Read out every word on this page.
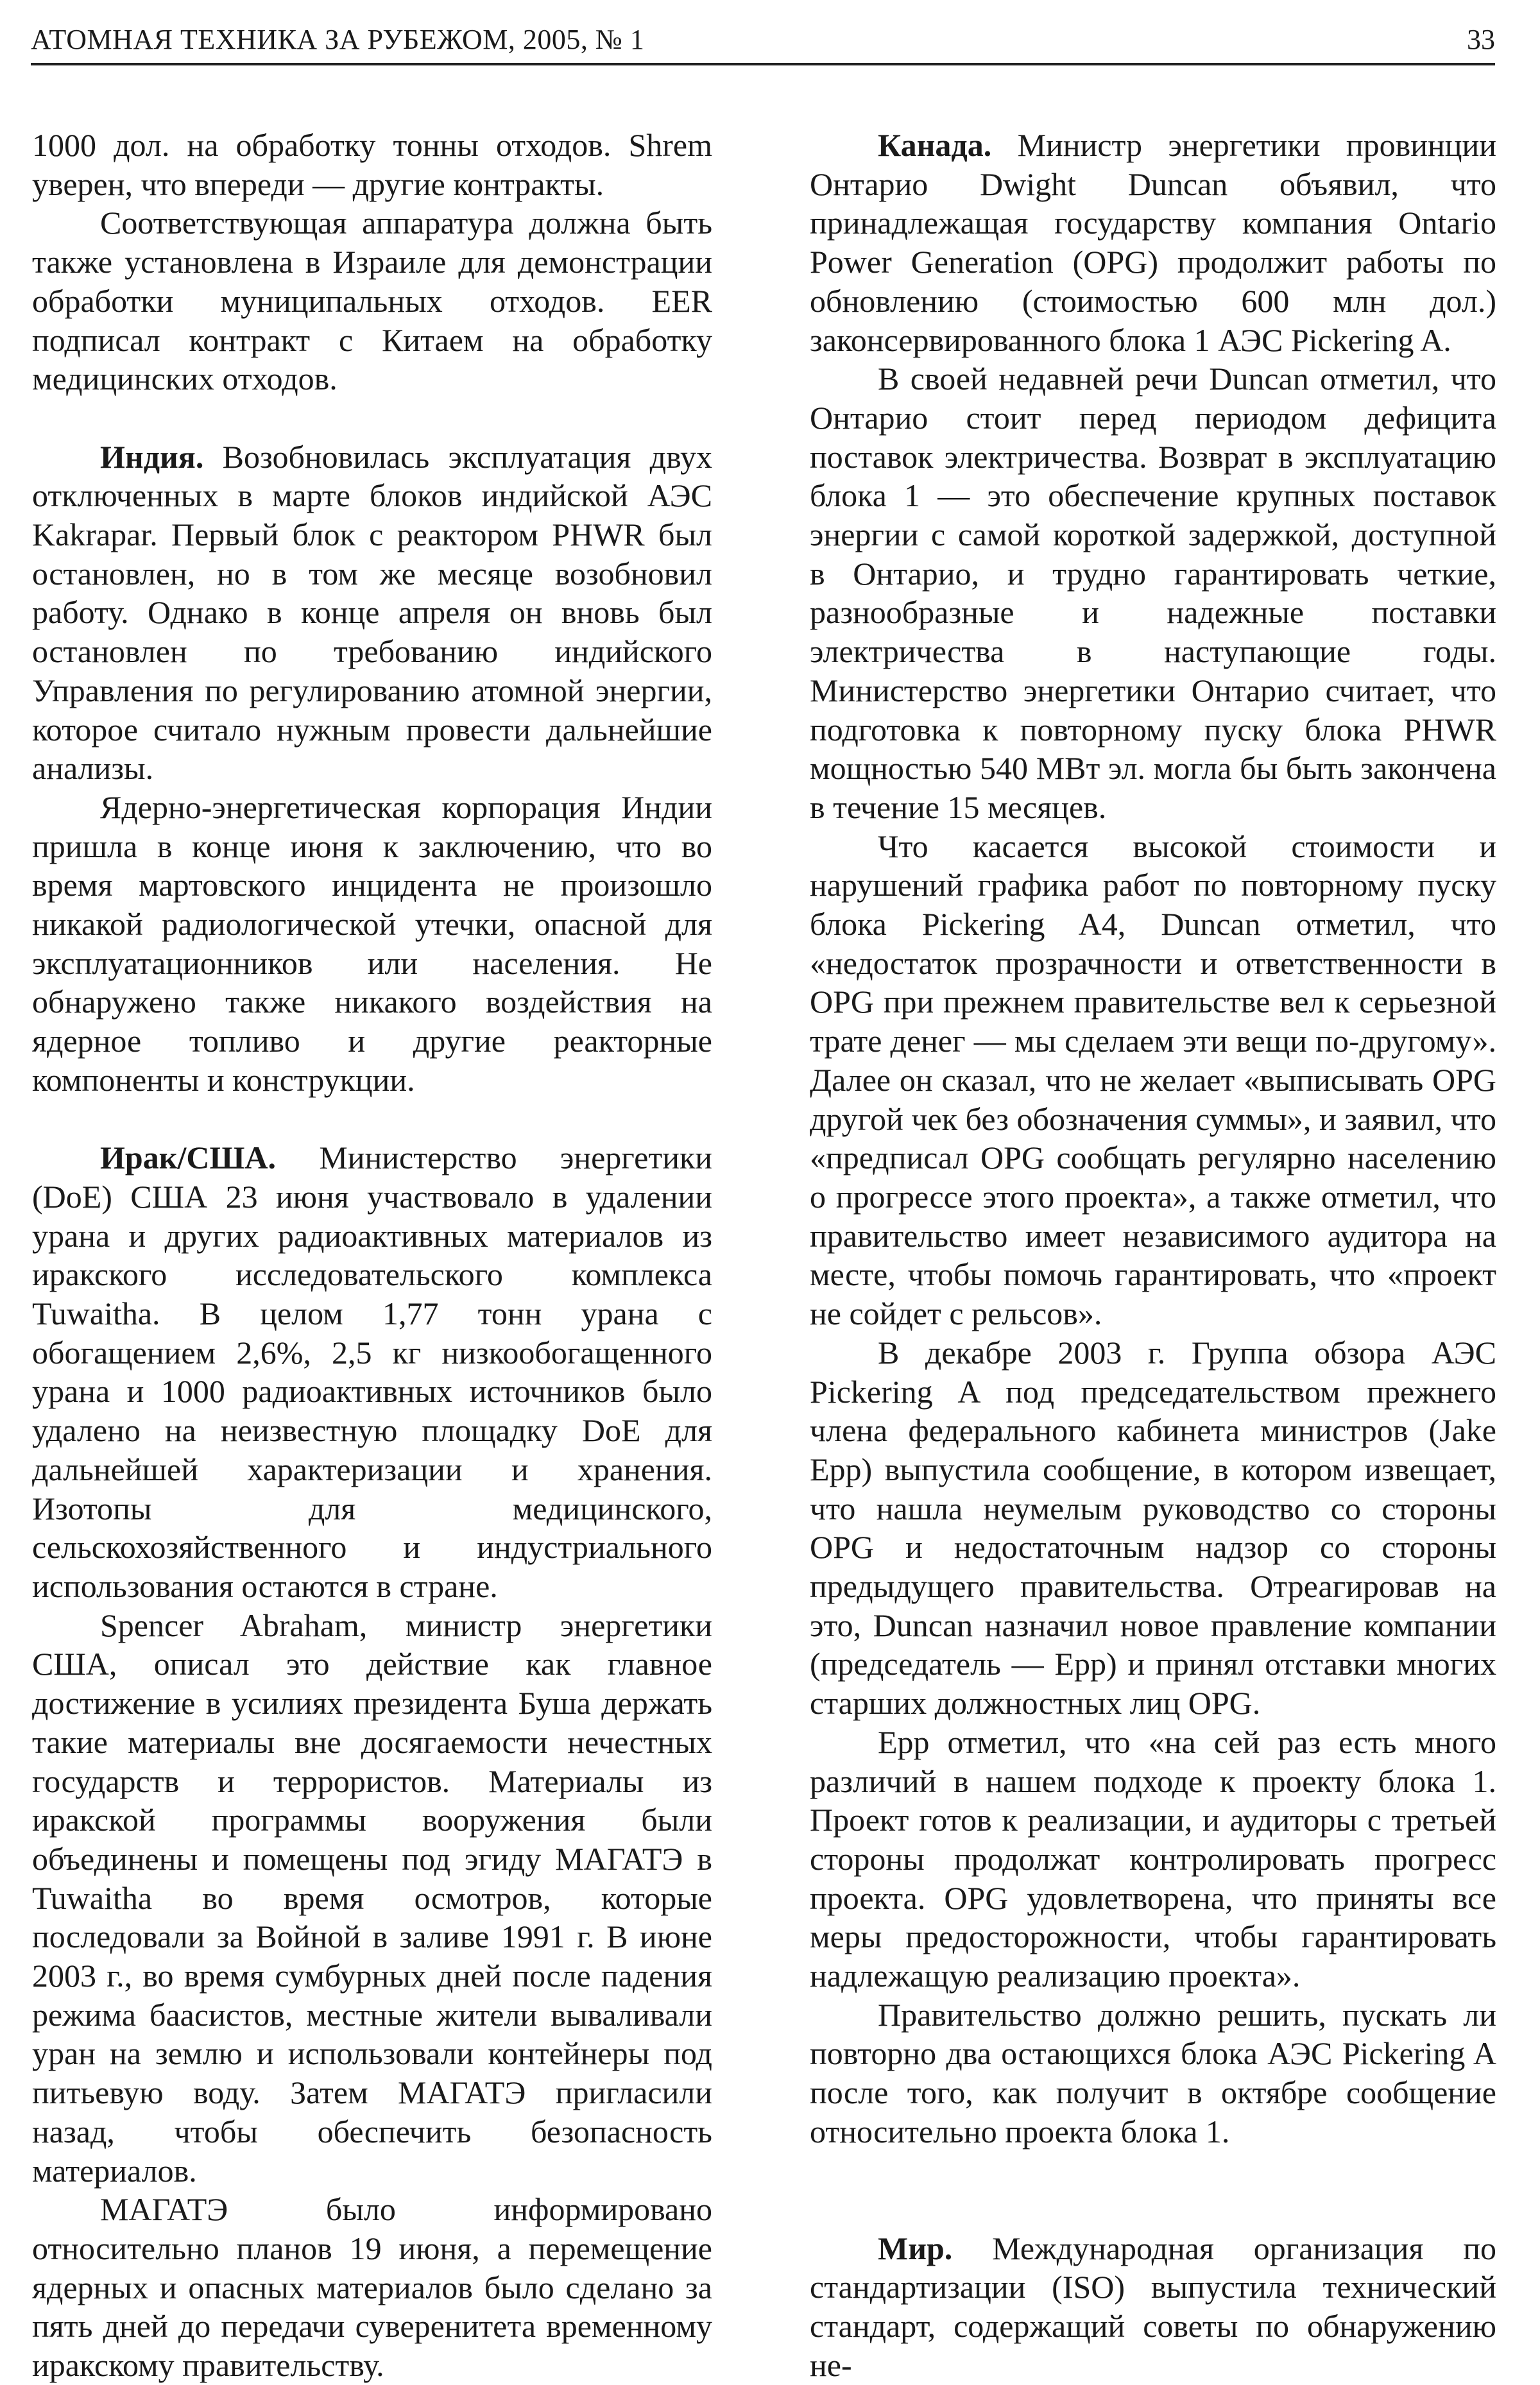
АТОМНАЯ ТЕХНИКА ЗА РУБЕЖОМ, 2005, № 1	33

1000 дол. на обработку тонны отходов. Shrem уверен, что впереди — другие контракты.

Соответствующая аппаратура должна быть также установлена в Израиле для демонстрации обработки муниципальных отходов. EER подписал контракт с Китаем на обработку медицинских отходов.

Индия. Возобновилась эксплуатация двух отключенных в марте блоков индийской АЭС Kakrapar. Первый блок с реактором PHWR был остановлен, но в том же месяце возобновил работу. Однако в конце апреля он вновь был остановлен по требованию индийского Управления по регулированию атомной энергии, которое считало нужным провести дальнейшие анализы.

Ядерно-энергетическая корпорация Индии пришла в конце июня к заключению, что во время мартовского инцидента не произошло никакой радиологической утечки, опасной для эксплуатационников или населения. Не обнаружено также никакого воздействия на ядерное топливо и другие реакторные компоненты и конструкции.

Ирак/США. Министерство энергетики (DoE) США 23 июня участвовало в удалении урана и других радиоактивных материалов из иракского исследовательского комплекса Tuwaitha. В целом 1,77 тонн урана с обогащением 2,6%, 2,5 кг низкообогащенного урана и 1000 радиоактивных источников было удалено на неизвестную площадку DoE для дальнейшей характеризации и хранения. Изотопы для медицинского, сельскохозяйственного и индустриального использования остаются в стране.

Spencer Abraham, министр энергетики США, описал это действие как главное достижение в усилиях президента Буша держать такие материалы вне досягаемости нечестных государств и террористов. Материалы из иракской программы вооружения были объединены и помещены под эгиду МАГАТЭ в Tuwaitha во время осмотров, которые последовали за Войной в заливе 1991 г. В июне 2003 г., во время сумбурных дней после падения режима баасистов, местные жители вываливали уран на землю и использовали контейнеры под питьевую воду. Затем МАГАТЭ пригласили назад, чтобы обеспечить безопасность материалов.

МАГАТЭ было информировано относительно планов 19 июня, а перемещение ядерных и опасных материалов было сделано за пять дней до передачи суверенитета временному иракскому правительству.

Канада. Министр энергетики провинции Онтарио Dwight Duncan объявил, что принадлежащая государству компания Ontario Power Generation (OPG) продолжит работы по обновлению (стоимостью 600 млн дол.) законсервированного блока 1 АЭС Pickering A.

В своей недавней речи Duncan отметил, что Онтарио стоит перед периодом дефицита поставок электричества. Возврат в эксплуатацию блока 1 — это обеспечение крупных поставок энергии с самой короткой задержкой, доступной в Онтарио, и трудно гарантировать четкие, разнообразные и надежные поставки электричества в наступающие годы. Министерство энергетики Онтарио считает, что подготовка к повторному пуску блока PHWR мощностью 540 МВт эл. могла бы быть закончена в течение 15 месяцев.

Что касается высокой стоимости и нарушений графика работ по повторному пуску блока Pickering A4, Duncan отметил, что «недостаток прозрачности и ответственности в OPG при прежнем правительстве вел к серьезной трате денег — мы сделаем эти вещи по-другому». Далее он сказал, что не желает «выписывать OPG другой чек без обозначения суммы», и заявил, что «предписал OPG сообщать регулярно населению о прогрессе этого проекта», а также отметил, что правительство имеет независимого аудитора на месте, чтобы помочь гарантировать, что «проект не сойдет с рельсов».

В декабре 2003 г. Группа обзора АЭС Pickering A под председательством прежнего члена федерального кабинета министров (Jake Epp) выпустила сообщение, в котором извещает, что нашла неумелым руководство со стороны OPG и недостаточным надзор со стороны предыдущего правительства. Отреагировав на это, Duncan назначил новое правление компании (председатель — Epp) и принял отставки многих старших должностных лиц OPG.

Epp отметил, что «на сей раз есть много различий в нашем подходе к проекту блока 1. Проект готов к реализации, и аудиторы с третьей стороны продолжат контролировать прогресс проекта. OPG удовлетворена, что приняты все меры предосторожности, чтобы гарантировать надлежащую реализацию проекта».

Правительство должно решить, пускать ли повторно два остающихся блока АЭС Pickering A после того, как получит в октябре сообщение относительно проекта блока 1.

Мир. Международная организация по стандартизации (ISO) выпустила технический стандарт, содержащий советы по обнаружению не-
